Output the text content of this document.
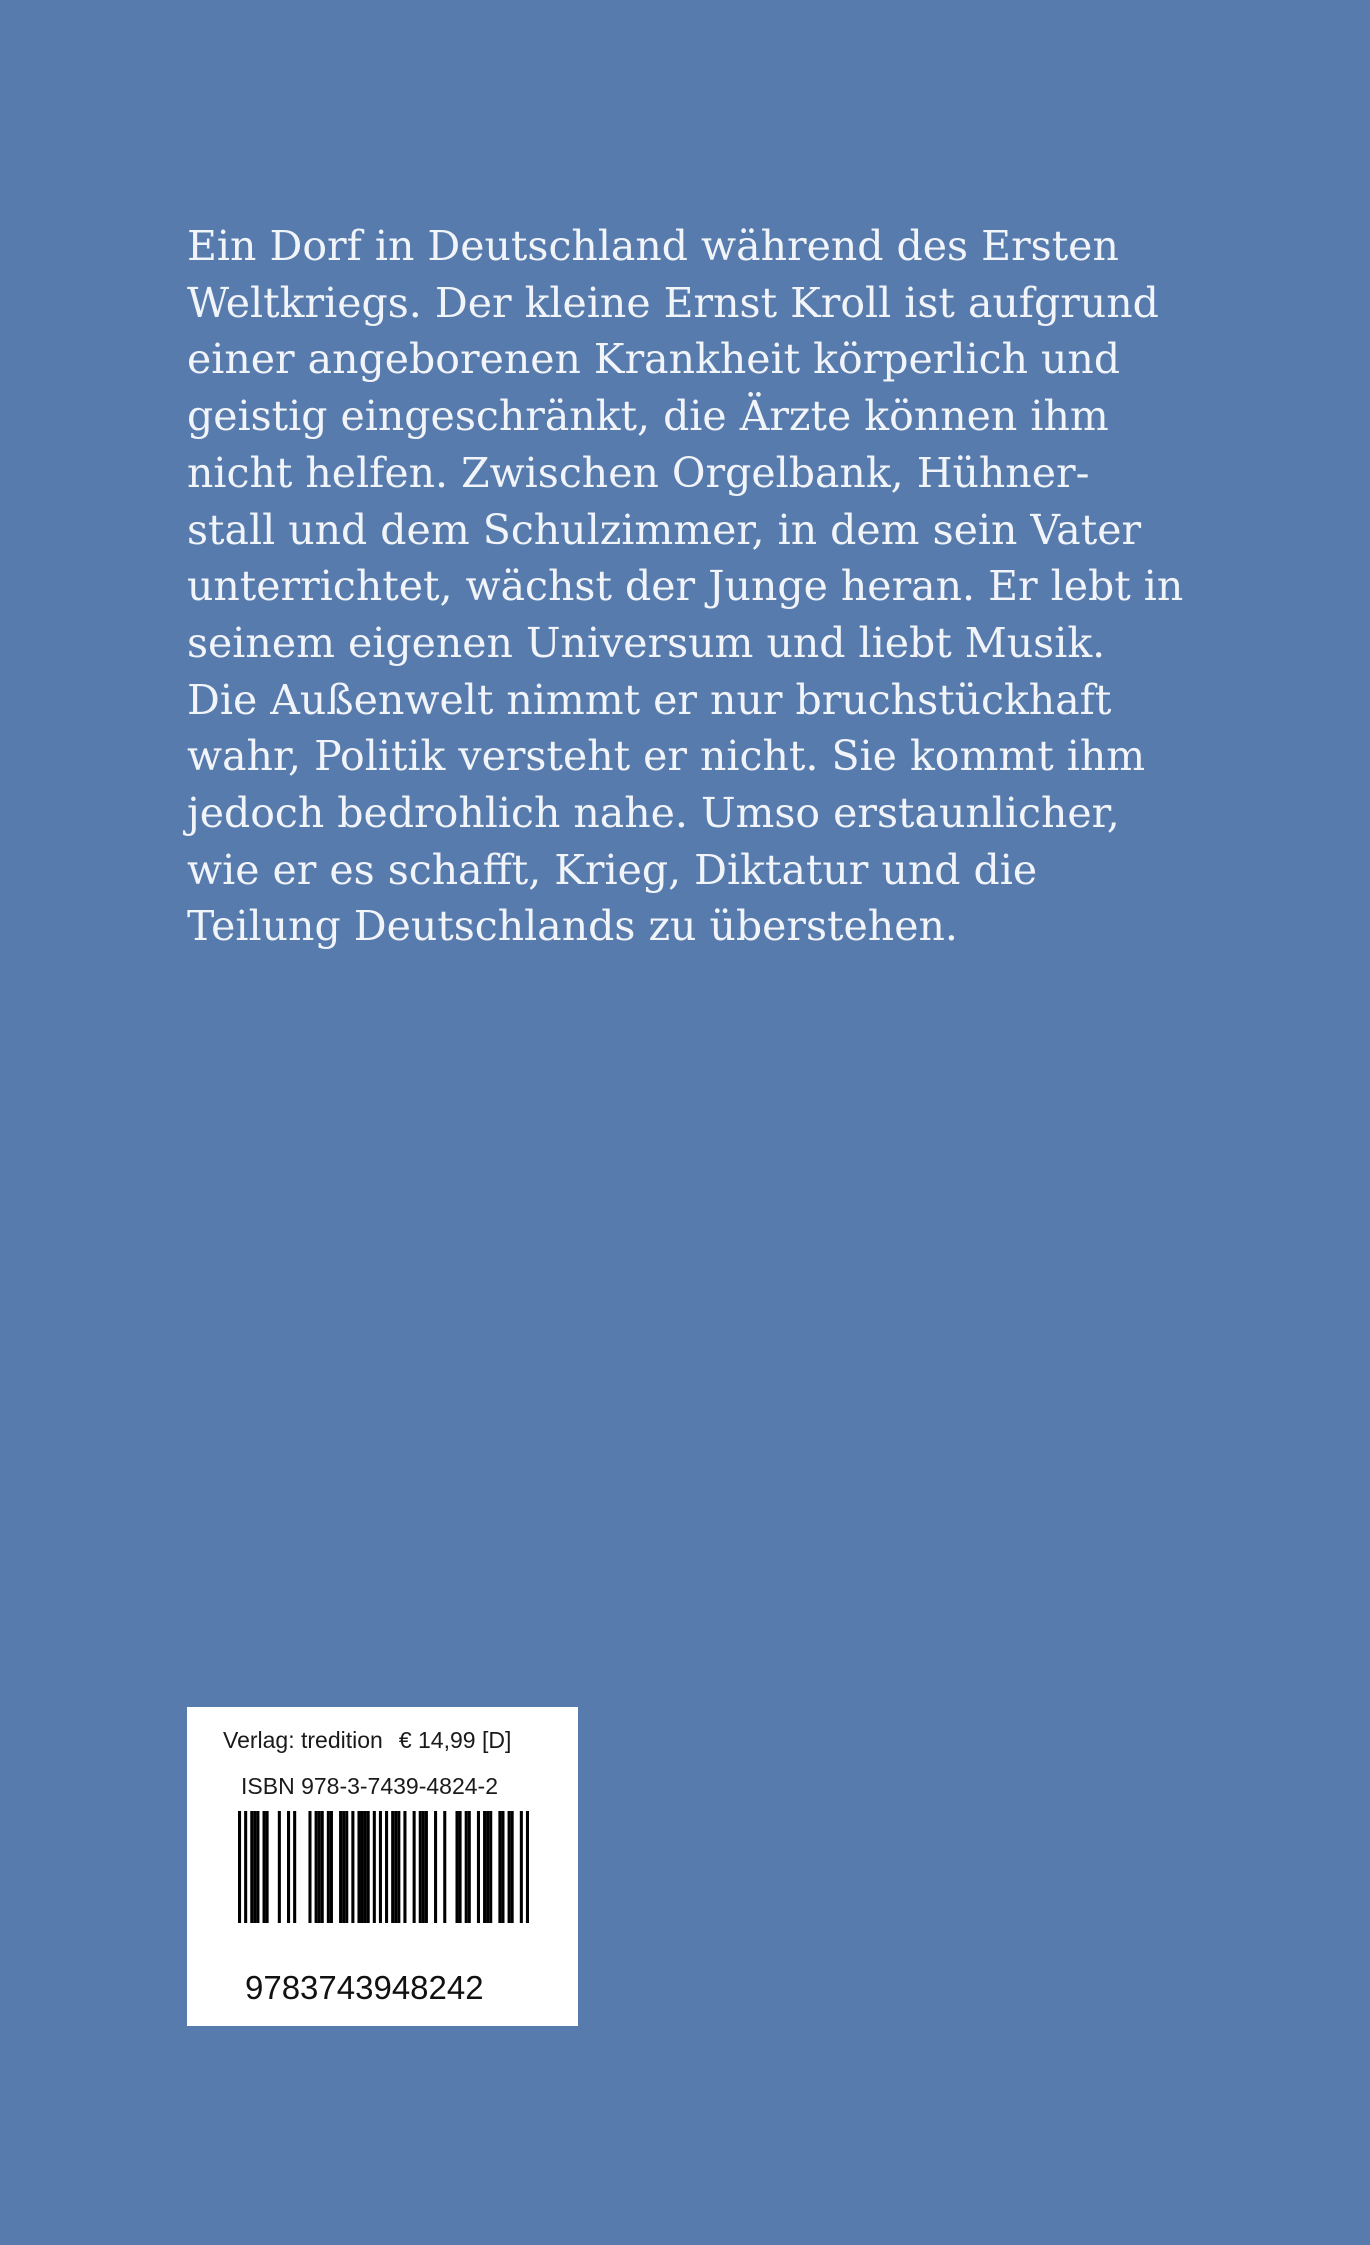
Ein Dorf in Deutschland während des Ersten
Weltkriegs. Der kleine Ernst Kroll ist aufgrund
einer angeborenen Krankheit körperlich und
geistig eingeschränkt, die Ärzte können ihm
nicht helfen. Zwischen Orgelbank, Hühner-
stall und dem Schulzimmer, in dem sein Vater
unterrichtet, wächst der Junge heran. Er lebt in
seinem eigenen Universum und liebt Musik.
Die Außenwelt nimmt er nur bruchstückhaft
wahr, Politik versteht er nicht. Sie kommt ihm
jedoch bedrohlich nahe. Umso erstaunlicher,
wie er es schafft, Krieg, Diktatur und die
Teilung Deutschlands zu überstehen.

Verlag: tredition € 14,99 [D]
ISBN 978-3-7439-4824-2
9783743948242
